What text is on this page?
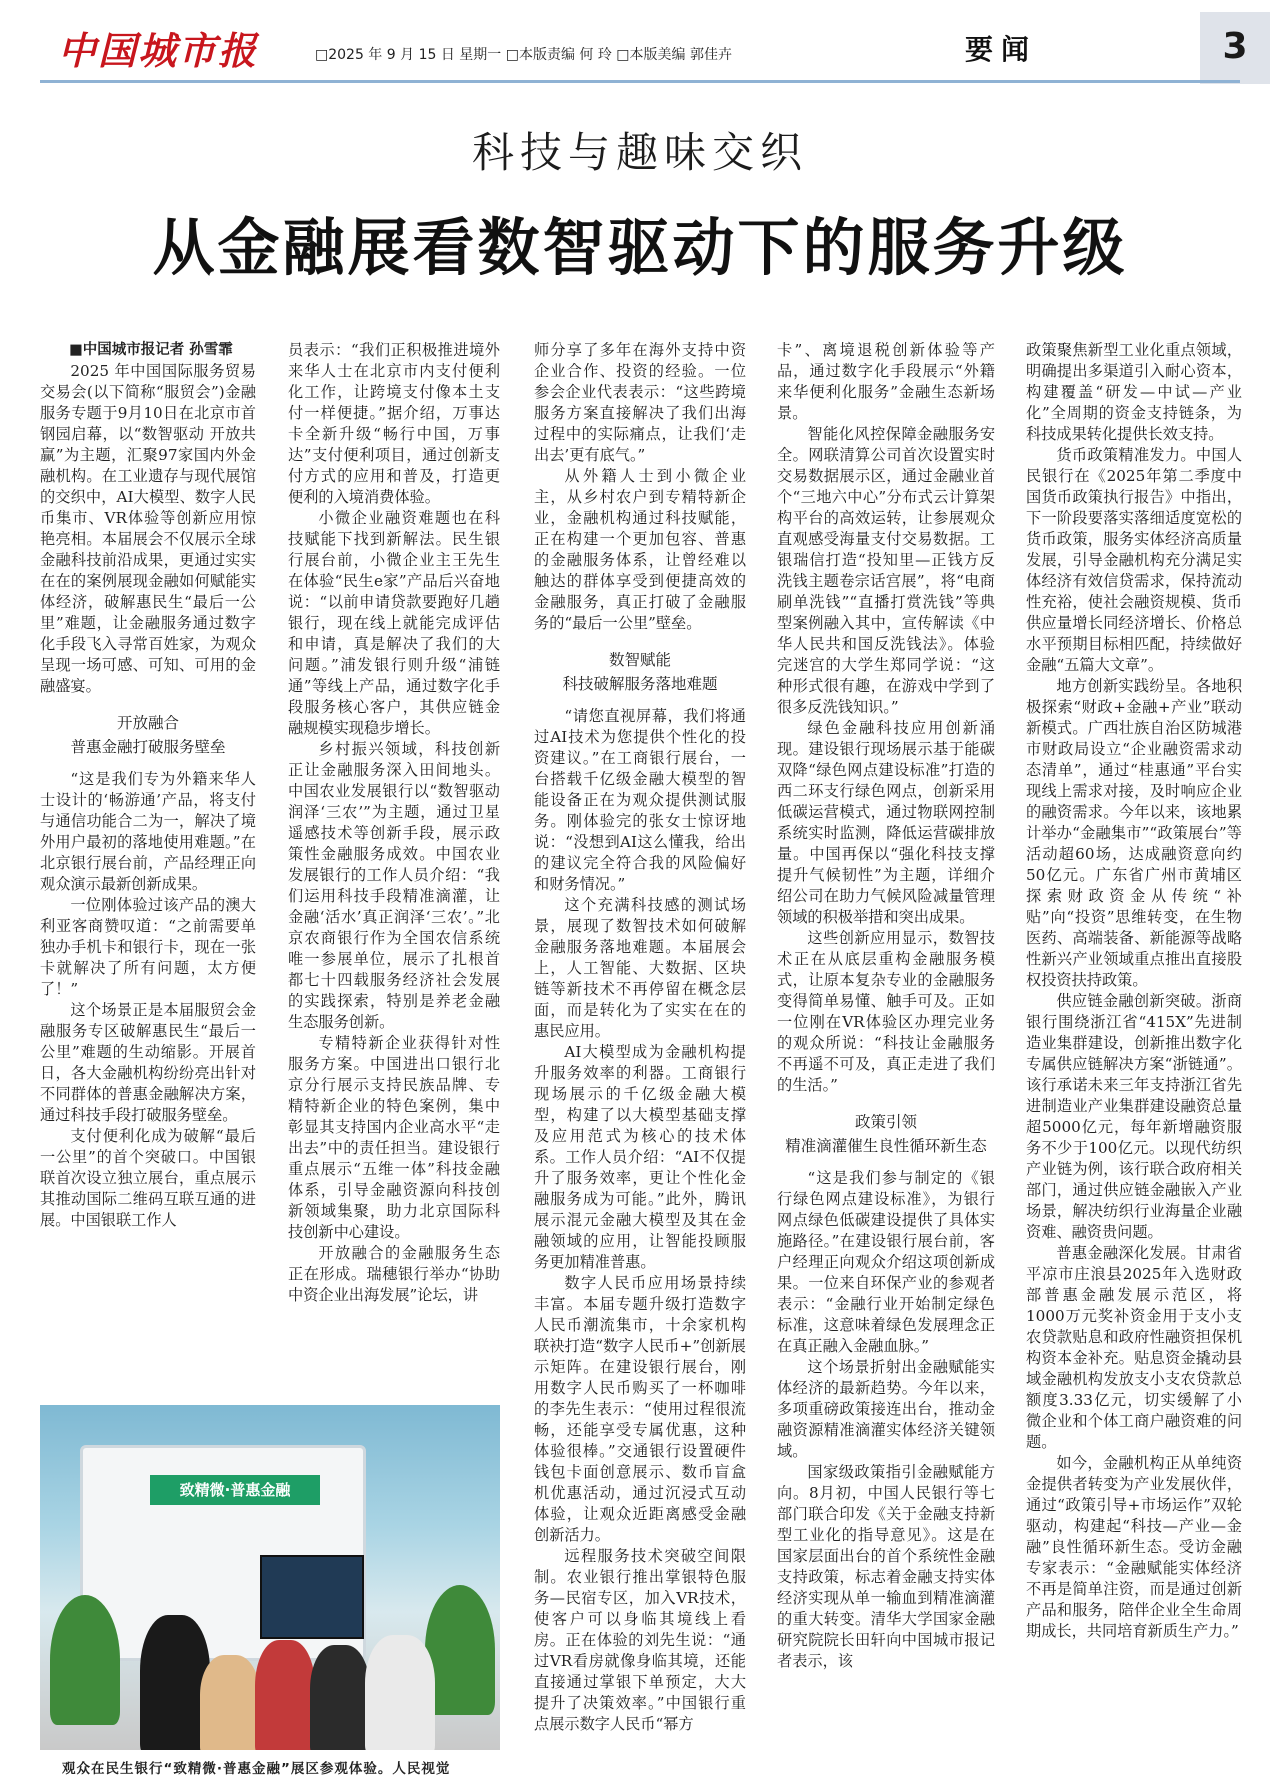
中国城市报	□2025 年 9 月 15 日 星期一 □本版责编 何 玲 □本版美编 郭佳卉	要闻	3
科技与趣味交织
从金融展看数智驱动下的服务升级

■中国城市报记者 孙雪霏

2025 年中国国际服务贸易交易会(以下简称“服贸会”)金融服务专题于9月10日在北京市首钢园启幕，以“数智驱动 开放共赢”为主题，汇聚97家国内外金融机构。在工业遗存与现代展馆的交织中，AI大模型、数字人民币集市、VR体验等创新应用惊艳亮相。本届展会不仅展示全球金融科技前沿成果，更通过实实在在的案例展现金融如何赋能实体经济，破解惠民生“最后一公里”难题，让金融服务通过数字化手段飞入寻常百姓家，为观众呈现一场可感、可知、可用的金融盛宴。

开放融合
普惠金融打破服务壁垒

“这是我们专为外籍来华人士设计的‘畅游通’产品，将支付与通信功能合二为一，解决了境外用户最初的落地使用难题。”在北京银行展台前，产品经理正向观众演示最新创新成果。

一位刚体验过该产品的澳大利亚客商赞叹道：“之前需要单独办手机卡和银行卡，现在一张卡就解决了所有问题，太方便了！”

这个场景正是本届服贸会金融服务专区破解惠民生“最后一公里”难题的生动缩影。开展首日，各大金融机构纷纷亮出针对不同群体的普惠金融解决方案，通过科技手段打破服务壁垒。

支付便利化成为破解“最后一公里”的首个突破口。中国银联首次设立独立展台，重点展示其推动国际二维码互联互通的进展。中国银联工作人

员表示：“我们正积极推进境外来华人士在北京市内支付便利化工作，让跨境支付像本土支付一样便捷。”据介绍，万事达卡全新升级“畅行中国，万事达”支付便利项目，通过创新支付方式的应用和普及，打造更便利的入境消费体验。

小微企业融资难题也在科技赋能下找到新解法。民生银行展台前，小微企业主王先生在体验“民生e家”产品后兴奋地说：“以前申请贷款要跑好几趟银行，现在线上就能完成评估和申请，真是解决了我们的大问题。”浦发银行则升级“浦链通”等线上产品，通过数字化手段服务核心客户，其供应链金融规模实现稳步增长。

乡村振兴领域，科技创新正让金融服务深入田间地头。中国农业发展银行以“数智驱动 润泽‘三农’”为主题，通过卫星遥感技术等创新手段，展示政策性金融服务成效。中国农业发展银行的工作人员介绍：“我们运用科技手段精准滴灌，让金融‘活水’真正润泽‘三农’。”北京农商银行作为全国农信系统唯一参展单位，展示了扎根首都七十四载服务经济社会发展的实践探索，特别是养老金融生态服务创新。

专精特新企业获得针对性服务方案。中国进出口银行北京分行展示支持民族品牌、专精特新企业的特色案例，集中彰显其支持国内企业高水平“走出去”中的责任担当。建设银行重点展示“五维一体”科技金融体系，引导金融资源向科技创新领域集聚，助力北京国际科技创新中心建设。

开放融合的金融服务生态正在形成。瑞穗银行举办“协助中资企业出海发展”论坛，讲

师分享了多年在海外支持中资企业合作、投资的经验。一位参会企业代表表示：“这些跨境服务方案直接解决了我们出海过程中的实际痛点，让我们‘走出去’更有底气。”

从外籍人士到小微企业主，从乡村农户到专精特新企业，金融机构通过科技赋能，正在构建一个更加包容、普惠的金融服务体系，让曾经难以触达的群体享受到便捷高效的金融服务，真正打破了金融服务的“最后一公里”壁垒。

数智赋能
科技破解服务落地难题

“请您直视屏幕，我们将通过AI技术为您提供个性化的投资建议。”在工商银行展台，一台搭载千亿级金融大模型的智能设备正在为观众提供测试服务。刚体验完的张女士惊讶地说：“没想到AI这么懂我，给出的建议完全符合我的风险偏好和财务情况。”

这个充满科技感的测试场景，展现了数智技术如何破解金融服务落地难题。本届展会上，人工智能、大数据、区块链等新技术不再停留在概念层面，而是转化为了实实在在的惠民应用。

AI大模型成为金融机构提升服务效率的利器。工商银行现场展示的千亿级金融大模型，构建了以大模型基础支撑及应用范式为核心的技术体系。工作人员介绍：“AI不仅提升了服务效率，更让个性化金融服务成为可能。”此外，腾讯展示混元金融大模型及其在金融领域的应用，让智能投顾服务更加精准普惠。

数字人民币应用场景持续丰富。本届专题升级打造数字人民币潮流集市，十余家机构联袂打造“数字人民币+”创新展示矩阵。在建设银行展台，刚用数字人民币购买了一杯咖啡的李先生表示：“使用过程很流畅，还能享受专属优惠，这种体验很棒。”交通银行设置硬件钱包卡面创意展示、数币盲盒机优惠活动，通过沉浸式互动体验，让观众近距离感受金融创新活力。

远程服务技术突破空间限制。农业银行推出掌银特色服务—民宿专区，加入VR技术，使客户可以身临其境线上看房。正在体验的刘先生说：“通过VR看房就像身临其境，还能直接通过掌银下单预定，大大提升了决策效率。”中国银行重点展示数字人民币“幂方

卡”、离境退税创新体验等产品，通过数字化手段展示“外籍来华便利化服务”金融生态新场景。

智能化风控保障金融服务安全。网联清算公司首次设置实时交易数据展示区，通过金融业首个“三地六中心”分布式云计算架构平台的高效运转，让参展观众直观感受海量支付交易数据。工银瑞信打造“投知里—正钱方反洗钱主题卷宗话宫展”，将“电商刷单洗钱”“直播打赏洗钱”等典型案例融入其中，宣传解读《中华人民共和国反洗钱法》。体验完迷宫的大学生郑同学说：“这种形式很有趣，在游戏中学到了很多反洗钱知识。”

绿色金融科技应用创新涌现。建设银行现场展示基于能碳双降“绿色网点建设标准”打造的西二环支行绿色网点，创新采用低碳运营模式，通过物联网控制系统实时监测，降低运营碳排放量。中国再保以“强化科技支撑 提升气候韧性”为主题，详细介绍公司在助力气候风险减量管理领域的积极举措和突出成果。

这些创新应用显示，数智技术正在从底层重构金融服务模式，让原本复杂专业的金融服务变得简单易懂、触手可及。正如一位刚在VR体验区办理完业务的观众所说：“科技让金融服务不再遥不可及，真正走进了我们的生活。”

政策引领
精准滴灌催生良性循环新生态

“这是我们参与制定的《银行绿色网点建设标准》，为银行网点绿色低碳建设提供了具体实施路径。”在建设银行展台前，客户经理正向观众介绍这项创新成果。一位来自环保产业的参观者表示：“金融行业开始制定绿色标准，这意味着绿色发展理念正在真正融入金融血脉。”

这个场景折射出金融赋能实体经济的最新趋势。今年以来，多项重磅政策接连出台，推动金融资源精准滴灌实体经济关键领域。

国家级政策指引金融赋能方向。8月初，中国人民银行等七部门联合印发《关于金融支持新型工业化的指导意见》。这是在国家层面出台的首个系统性金融支持政策，标志着金融支持实体经济实现从单一输血到精准滴灌的重大转变。清华大学国家金融研究院院长田轩向中国城市报记者表示，该

政策聚焦新型工业化重点领域，明确提出多渠道引入耐心资本，构建覆盖“研发—中试—产业化”全周期的资金支持链条，为科技成果转化提供长效支持。

货币政策精准发力。中国人民银行在《2025年第二季度中国货币政策执行报告》中指出，下一阶段要落实落细适度宽松的货币政策，服务实体经济高质量发展，引导金融机构充分满足实体经济有效信贷需求，保持流动性充裕，使社会融资规模、货币供应量增长同经济增长、价格总水平预期目标相匹配，持续做好金融“五篇大文章”。

地方创新实践纷呈。各地积极探索“财政+金融+产业”联动新模式。广西壮族自治区防城港市财政局设立“企业融资需求动态清单”，通过“桂惠通”平台实现线上需求对接，及时响应企业的融资需求。今年以来，该地累计举办“金融集市”“政策展台”等活动超60场，达成融资意向约50亿元。广东省广州市黄埔区探索财政资金从传统“补贴”向“投资”思维转变，在生物医药、高端装备、新能源等战略性新兴产业领域重点推出直接股权投资扶持政策。

供应链金融创新突破。浙商银行围绕浙江省“415X”先进制造业集群建设，创新推出数字化专属供应链解决方案“浙链通”。该行承诺未来三年支持浙江省先进制造业产业集群建设融资总量超5000亿元，每年新增融资服务不少于100亿元。以现代纺织产业链为例，该行联合政府相关部门，通过供应链金融嵌入产业场景，解决纺织行业海量企业融资难、融资贵问题。

普惠金融深化发展。甘肃省平凉市庄浪县2025年入选财政部普惠金融发展示范区，将1000万元奖补资金用于支小支农贷款贴息和政府性融资担保机构资本金补充。贴息资金撬动县域金融机构发放支小支农贷款总额度3.33亿元，切实缓解了小微企业和个体工商户融资难的问题。

如今，金融机构正从单纯资金提供者转变为产业发展伙伴，通过“政策引导+市场运作”双轮驱动，构建起“科技—产业—金融”良性循环新生态。受访金融专家表示：“金融赋能实体经济不再是简单注资，而是通过创新产品和服务，陪伴企业全生命周期成长，共同培育新质生产力。”

致精微·普惠金融
观众在民生银行“致精微·普惠金融”展区参观体验。人民视觉
